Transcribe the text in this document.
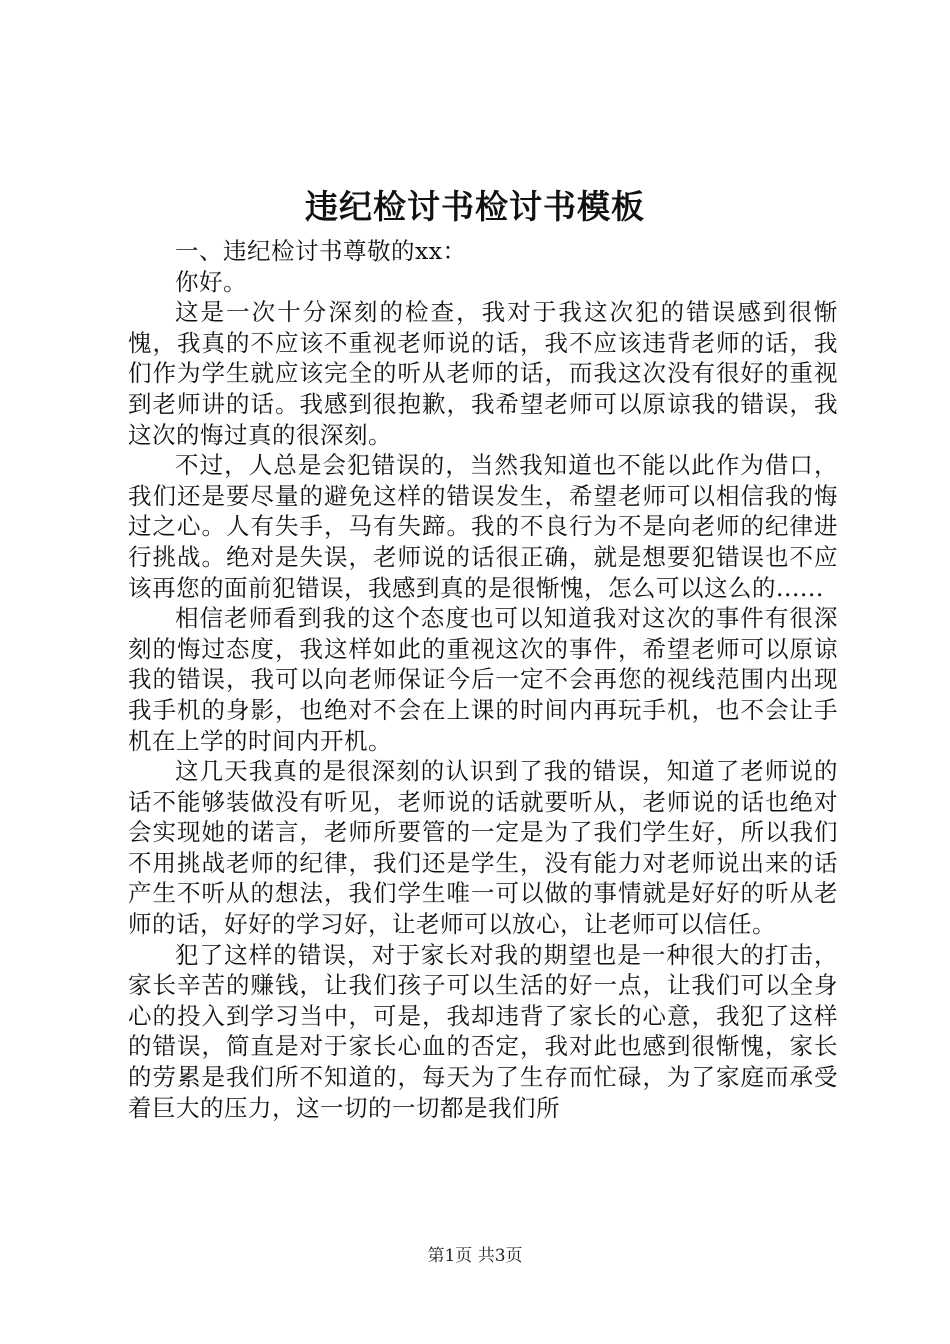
违纪检讨书检讨书模板

一、违纪检讨书尊敬的xx：

你好。

这是一次十分深刻的检查，我对于我这次犯的错误感到很惭愧，我真的不应该不重视老师说的话，我不应该违背老师的话，我们作为学生就应该完全的听从老师的话，而我这次没有很好的重视到老师讲的话。我感到很抱歉，我希望老师可以原谅我的错误，我这次的悔过真的很深刻。

不过，人总是会犯错误的，当然我知道也不能以此作为借口，我们还是要尽量的避免这样的错误发生，希望老师可以相信我的悔过之心。人有失手，马有失蹄。我的不良行为不是向老师的纪律进行挑战。绝对是失误，老师说的话很正确，就是想要犯错误也不应该再您的面前犯错误，我感到真的是很惭愧，怎么可以这么的......

相信老师看到我的这个态度也可以知道我对这次的事件有很深刻的悔过态度，我这样如此的重视这次的事件，希望老师可以原谅我的错误，我可以向老师保证今后一定不会再您的视线范围内出现我手机的身影，也绝对不会在上课的时间内再玩手机，也不会让手机在上学的时间内开机。

这几天我真的是很深刻的认识到了我的错误，知道了老师说的话不能够装做没有听见，老师说的话就要听从，老师说的话也绝对会实现她的诺言，老师所要管的一定是为了我们学生好，所以我们不用挑战老师的纪律，我们还是学生，没有能力对老师说出来的话产生不听从的想法，我们学生唯一可以做的事情就是好好的听从老师的话，好好的学习好，让老师可以放心，让老师可以信任。

犯了这样的错误，对于家长对我的期望也是一种很大的打击，家长辛苦的赚钱，让我们孩子可以生活的好一点，让我们可以全身心的投入到学习当中，可是，我却违背了家长的心意，我犯了这样的错误，简直是对于家长心血的否定，我对此也感到很惭愧，家长的劳累是我们所不知道的，每天为了生存而忙碌，为了家庭而承受着巨大的压力，这一切的一切都是我们所

第1页 共3页
